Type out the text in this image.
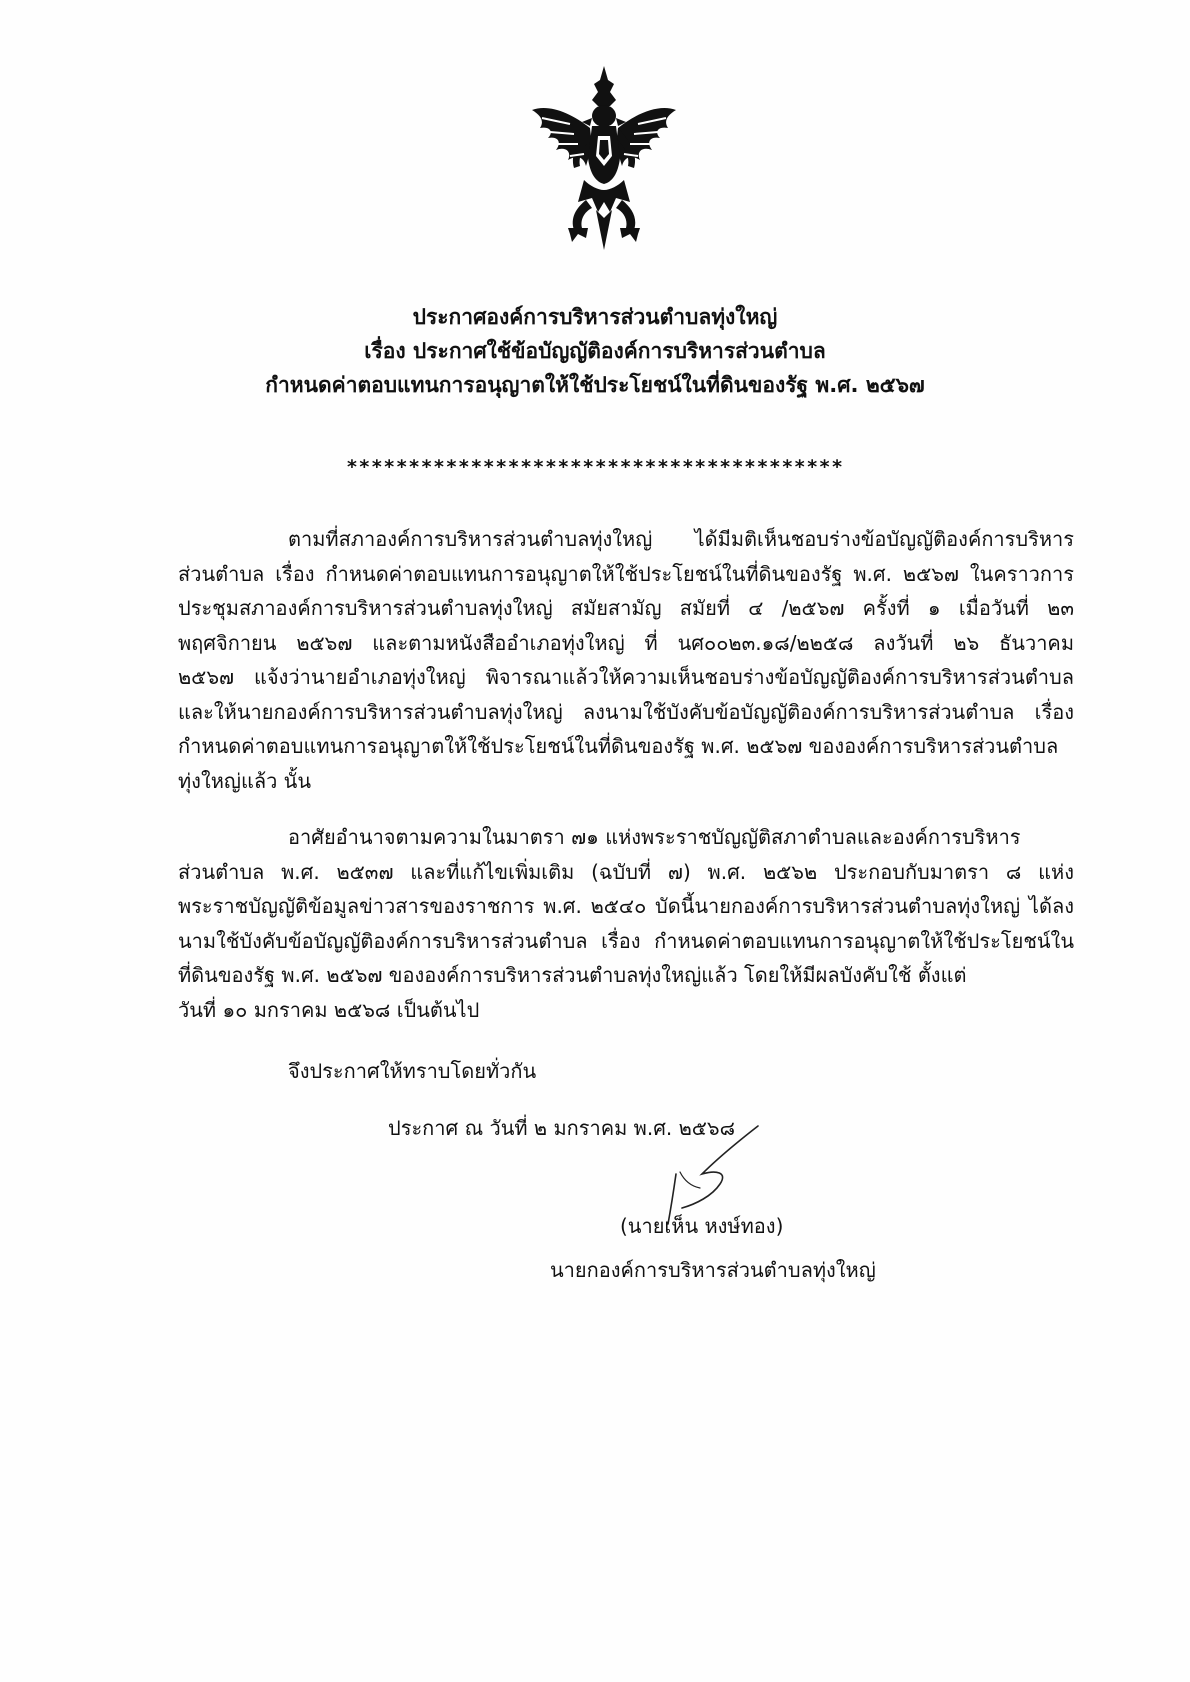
ประกาศองค์การบริหารส่วนตำบลทุ่งใหญ่
เรื่อง ประกาศใช้ข้อบัญญัติองค์การบริหารส่วนตำบล
กำหนดค่าตอบแทนการอนุญาตให้ใช้ประโยชน์ในที่ดินของรัฐ พ.ศ. ๒๕๖๗
****************************************
ตามที่สภาองค์การบริหารส่วนตำบลทุ่งใหญ่ ได้มีมติเห็นชอบร่างข้อบัญญัติองค์การบริหาร
ส่วนตำบล เรื่อง กำหนดค่าตอบแทนการอนุญาตให้ใช้ประโยชน์ในที่ดินของรัฐ พ.ศ. ๒๕๖๗ ในคราวการ
ประชุมสภาองค์การบริหารส่วนตำบลทุ่งใหญ่ สมัยสามัญ สมัยที่ ๔ /๒๕๖๗ ครั้งที่ ๑ เมื่อวันที่ ๒๓
พฤศจิกายน ๒๕๖๗ และตามหนังสืออำเภอทุ่งใหญ่ ที่ นศ๐๐๒๓.๑๘/๒๒๕๘ ลงวันที่ ๒๖ ธันวาคม
๒๕๖๗ แจ้งว่านายอำเภอทุ่งใหญ่ พิจารณาแล้วให้ความเห็นชอบร่างข้อบัญญัติองค์การบริหารส่วนตำบล
และให้นายกองค์การบริหารส่วนตำบลทุ่งใหญ่ ลงนามใช้บังคับข้อบัญญัติองค์การบริหารส่วนตำบล เรื่อง
กำหนดค่าตอบแทนการอนุญาตให้ใช้ประโยชน์ในที่ดินของรัฐ พ.ศ. ๒๕๖๗ ขององค์การบริหารส่วนตำบล
ทุ่งใหญ่แล้ว นั้น
อาศัยอำนาจตามความในมาตรา ๗๑ แห่งพระราชบัญญัติสภาตำบลและองค์การบริหาร
ส่วนตำบล พ.ศ. ๒๕๓๗ และที่แก้ไขเพิ่มเติม (ฉบับที่ ๗) พ.ศ. ๒๕๖๒ ประกอบกับมาตรา ๘ แห่ง
พระราชบัญญัติข้อมูลข่าวสารของราชการ พ.ศ. ๒๕๔๐ บัดนี้นายกองค์การบริหารส่วนตำบลทุ่งใหญ่ ได้ลง
นามใช้บังคับข้อบัญญัติองค์การบริหารส่วนตำบล เรื่อง กำหนดค่าตอบแทนการอนุญาตให้ใช้ประโยชน์ใน
ที่ดินของรัฐ พ.ศ. ๒๕๖๗ ขององค์การบริหารส่วนตำบลทุ่งใหญ่แล้ว โดยให้มีผลบังคับใช้ ตั้งแต่
วันที่ ๑๐ มกราคม ๒๕๖๘ เป็นต้นไป
จึงประกาศให้ทราบโดยทั่วกัน
ประกาศ ณ วันที่ ๒ มกราคม พ.ศ. ๒๕๖๘
(นายเห็น หงษ์ทอง)
นายกองค์การบริหารส่วนตำบลทุ่งใหญ่
